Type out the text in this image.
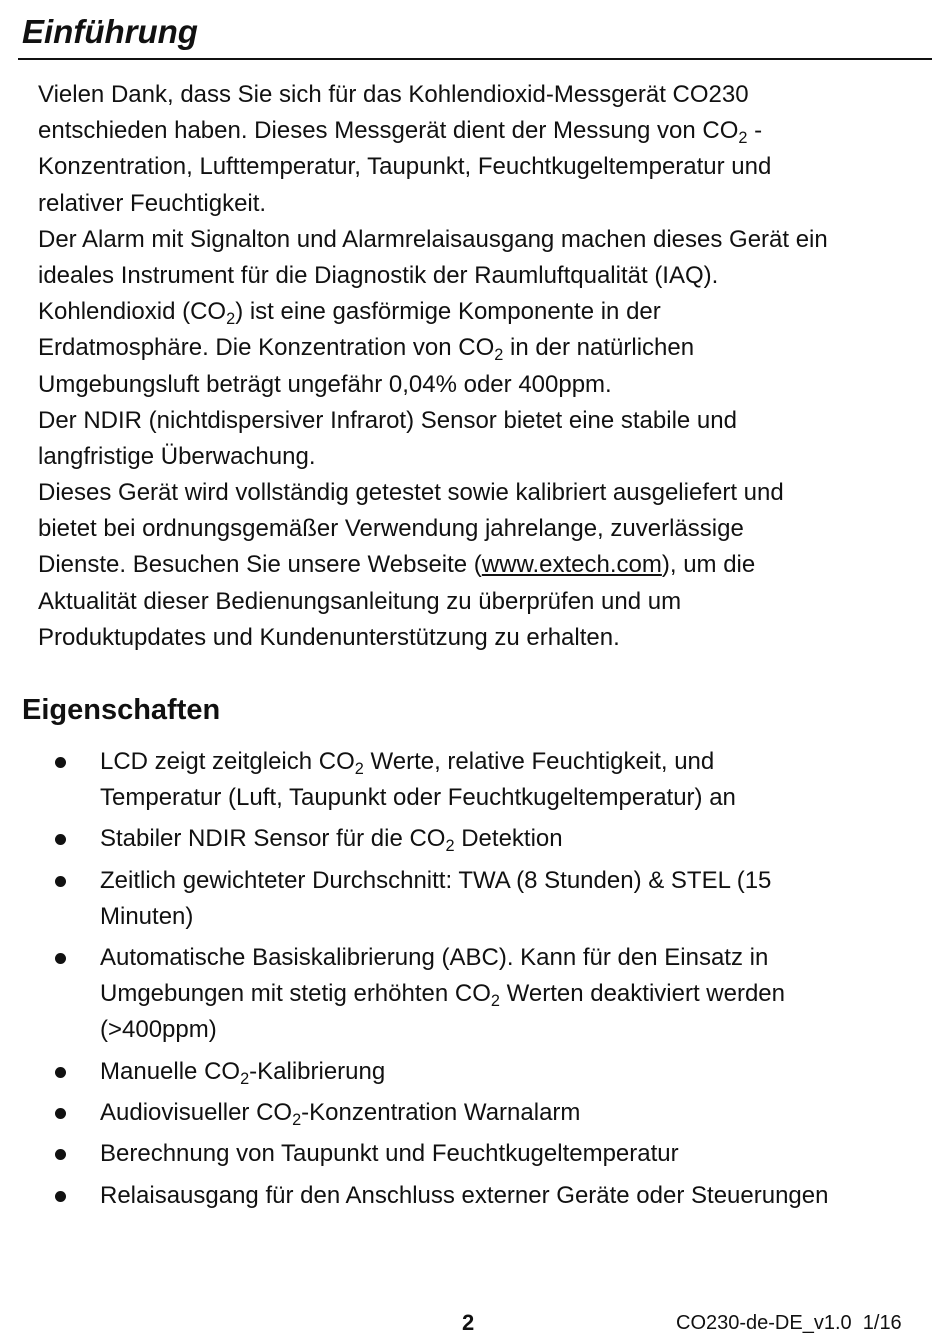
Einführung
Vielen Dank, dass Sie sich für das Kohlendioxid-Messgerät CO230
entschieden haben. Dieses Messgerät dient der Messung von $CO_2$ -
Konzentration, Lufttemperatur, Taupunkt, Feuchtkugeltemperatur und
relativer Feuchtigkeit.
Der Alarm mit Signalton und Alarmrelaisausgang machen dieses Gerät ein
ideales Instrument für die Diagnostik der Raumluftqualität (IAQ).
Kohlendioxid $(CO_2)$ ist eine gasförmige Komponente in der
Erdatmosphäre. Die Konzentration von $CO_2$ in der natürlichen
Umgebungsluft beträgt ungefähr 0,04% oder 400ppm.
Der NDIR (nichtdispersiver Infrarot) Sensor bietet eine stabile und
langfristige Überwachung.
Dieses Gerät wird vollständig getestet sowie kalibriert ausgeliefert und
bietet bei ordnungsgemäßer Verwendung jahrelange, zuverlässige
Dienste. Besuchen Sie unsere Webseite (www.extech.com), um die
Aktualität dieser Bedienungsanleitung zu überprüfen und um
Produktupdates und Kundenunterstützung zu erhalten.
Eigenschaften
LCD zeigt zeitgleich $CO_2$ Werte, relative Feuchtigkeit, und
Temperatur (Luft, Taupunkt oder Feuchtkugeltemperatur) an
Stabiler NDIR Sensor für die $CO_2$ Detektion
Zeitlich gewichteter Durchschnitt: TWA (8 Stunden) & STEL (15
Minuten)
Automatische Basiskalibrierung (ABC). Kann für den Einsatz in
Umgebungen mit stetig erhöhten $CO_2$ Werten deaktiviert werden
(>400ppm)
Manuelle $CO_2$-Kalibrierung
Audiovisueller $CO_2$-Konzentration Warnalarm
Berechnung von Taupunkt und Feuchtkugeltemperatur
Relaisausgang für den Anschluss externer Geräte oder Steuerungen
2	CO230-de-DE_v1.0  1/16
